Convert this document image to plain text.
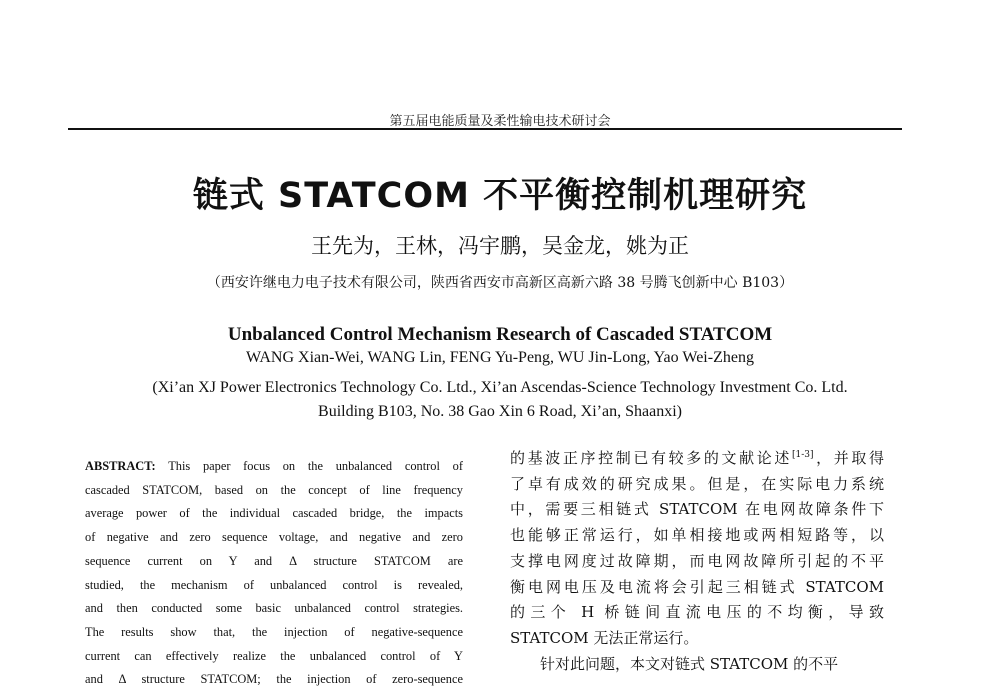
第五届电能质量及柔性输电技术研讨会
链式 STATCOM 不平衡控制机理研究
王先为，王林，冯宇鹏，吴金龙，姚为正
（西安许继电力电子技术有限公司，陕西省西安市高新区高新六路 38 号腾飞创新中心 B103）
Unbalanced Control Mechanism Research of Cascaded STATCOM
WANG Xian-Wei, WANG Lin, FENG Yu-Peng, WU Jin-Long, Yao Wei-Zheng
(Xi’an XJ Power Electronics Technology Co. Ltd., Xi’an Ascendas-Science Technology Investment Co. Ltd.
Building B103, No. 38 Gao Xin 6 Road, Xi’an, Shaanxi)
ABSTRACT: This paper focus on the unbalanced control of
cascaded STATCOM, based on the concept of line frequency
average power of the individual cascaded bridge, the impacts
of negative and zero sequence voltage, and negative and zero
sequence current on Y and Δ structure STATCOM are
studied, the mechanism of unbalanced control is revealed,
and then conducted some basic unbalanced control strategies.
The results show that, the injection of negative-sequence
current can effectively realize the unbalanced control of Y
and Δ structure STATCOM; the injection of zero-sequence
的基波正序控制已有较多的文献论述[1-3]，并取得
了卓有成效的研究成果。但是，在实际电力系统
中，需要三相链式 STATCOM 在电网故障条件下
也能够正常运行，如单相接地或两相短路等，以
支撑电网度过故障期，而电网故障所引起的不平
衡电网电压及电流将会引起三相链式 STATCOM
的三个 H 桥链间直流电压的不均衡，导致
STATCOM 无法正常运行。
针对此问题，本文对链式 STATCOM 的不平
